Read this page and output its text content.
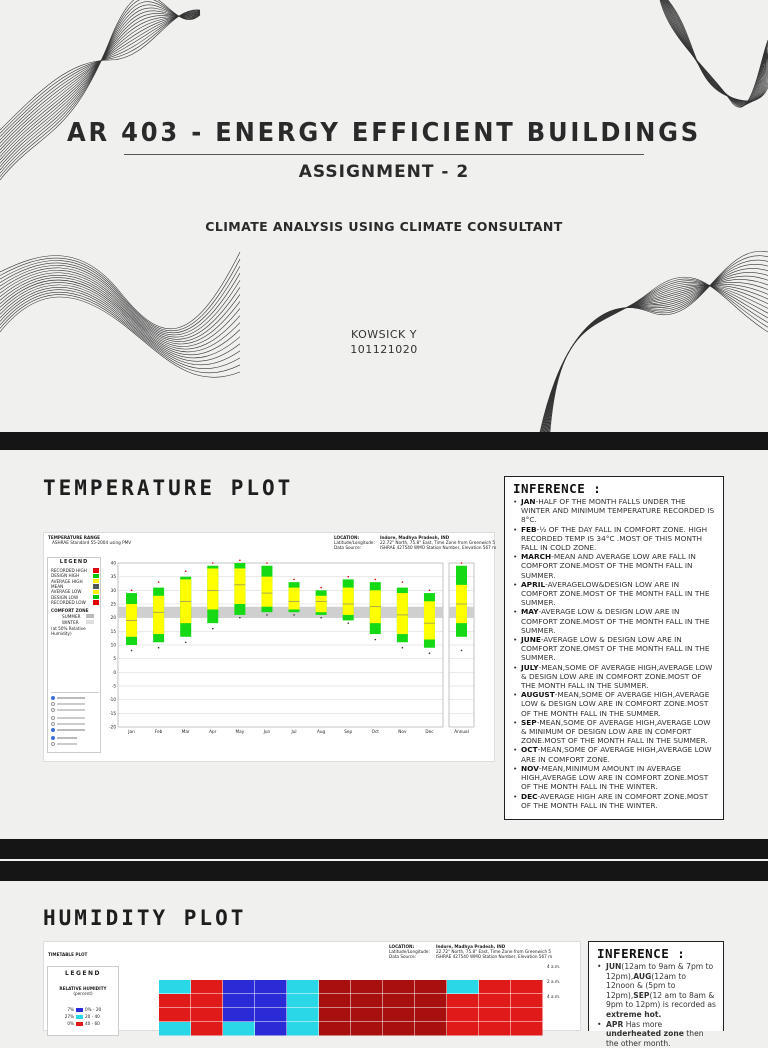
AR 403 - ENERGY EFFICIENT BUILDINGS
ASSIGNMENT - 2
CLIMATE ANALYSIS USING CLIMATE CONSULTANT
KOWSICK Y
101121020
TEMPERATURE PLOT
TEMPERATURE RANGE
ASHRAE Standard 55-2004 using PMV
LOCATION:	Indore, Madhya Pradesh, IND
Latitude/Longitude: 22.72° North, 75.8° East, Time Zone from Greenwich 5
Data Source:	ISHRAE 427540 WMO Station Number, Elevation 567 m
LEGEND
RECORDED HIGH
DESIGN HIGH
AVERAGE HIGH
MEAN
AVERAGE LOW
DESIGN LOW
RECORDED LOW
COMFORT ZONE
SUMMER
WINTER
(at 50% Relative Humidity)
-20
-15
-10
-5
0
5
10
15
20
25
30
35
40
Jan	Feb	Mar	Apr	May	Jun	Jul	Aug	Sep	Oct	Nov	Dec	Annual
INFERENCE :
• JAN-HALF OF THE MONTH FALLS UNDER THE WINTER AND MINIMUM TEMPERATURE RECORDED IS 8°C.
• FEB-½ OF THE DAY FALL IN COMFORT ZONE. HIGH RECORDED TEMP IS 34°C .MOST OF THIS MONTH FALL IN COLD ZONE.
• MARCH-MEAN AND AVERAGE LOW ARE FALL IN COMFORT ZONE.MOST OF THE MONTH FALL IN SUMMER.
• APRIL-AVERAGELOW&DESIGN LOW ARE IN COMFORT ZONE.MOST OF THE MONTH FALL IN THE SUMMER.
• MAY-AVERAGE LOW & DESIGN LOW ARE IN COMFORT ZONE.MOST OF THE MONTH FALL IN THE SUMMER.
• JUNE-AVERAGE LOW & DESIGN LOW ARE IN COMFORT ZONE.OMST OF THE MONTH FALL IN THE SUMMER.
• JULY-MEAN,SOME OF AVERAGE HIGH,AVERAGE LOW & DESIGN LOW ARE IN COMFORT ZONE.MOST OF THE MONTH FALL IN THE SUMMER.
• AUGUST-MEAN,SOME OF AVERAGE HIGH,AVERAGE LOW & DESIGN LOW ARE IN COMFORT ZONE.MOST OF THE MONTH FALL IN THE SUMMER.
• SEP-MEAN,SOME OF AVERAGE HIGH,AVERAGE LOW & MINIMUM OF DESIGN LOW ARE IN COMFORT ZONE.MOST OF THE MONTH FALL IN THE SUMMER.
• OCT-MEAN,SOME OF AVERAGE HIGH,AVERAGE LOW ARE IN COMFORT ZONE.
• NOV-MEAN,MINIMUM AMOUNT IN AVERAGE HIGH,AVERAGE LOW ARE IN COMFORT ZONE.MOST OF THE MONTH FALL IN THE WINTER.
• DEC-AVERAGE HIGH ARE IN COMFORT ZONE.MOST OF THE MONTH FALL IN THE WINTER.
HUMIDITY PLOT
TIMETABLE PLOT
LOCATION:	Indore, Madhya Pradesh, IND
Latitude/Longitude: 22.72° North, 75.8° East, Time Zone from Greenwich 5
Data Source:	ISHRAE 427540 WMO Station Number, Elevation 567 m
LEGEND
RELATIVE HUMIDITY
(percent)
7%	0% - 20
27%	20 - 40
0%	40 - 60
4 a.m.
2 a.m.
4 a.m.
INFERENCE :
• JUN(12am to 9am & 7pm to 12pm),AUG(12am to 12noon & (5pm to 12pm),SEP(12 am to 8am & 9pm to 12pm) is recorded as extreme hot.
• APR Has more underheated zone then the other month.
